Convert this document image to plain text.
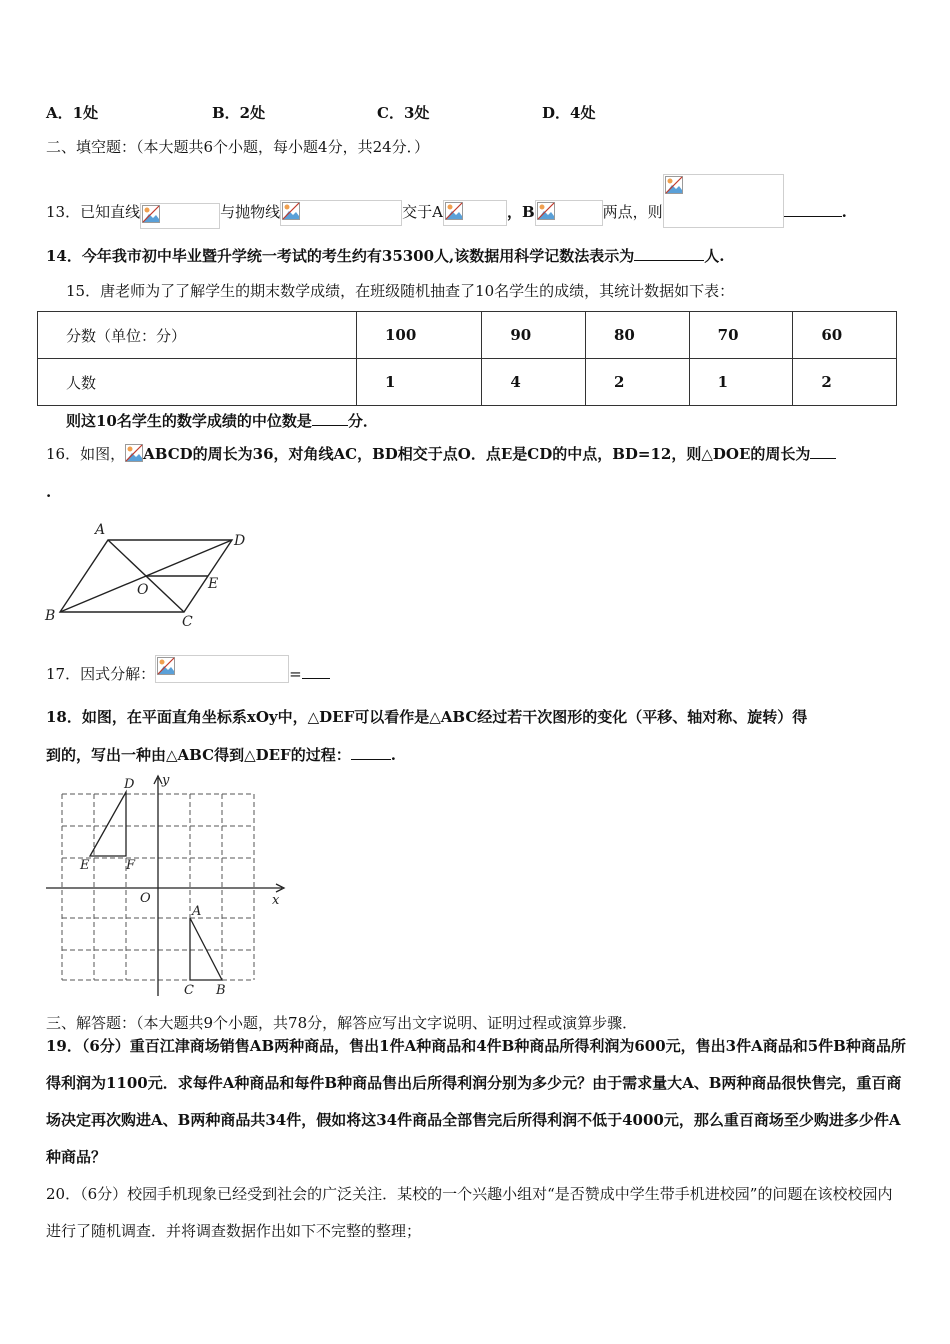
A．1处	B．2处	C．3处	D．4处
二、填空题：（本大题共6个小题，每小题4分，共24分．）
13．已知直线	与抛物线	交于A	，B	两点，则	.
14．今年我市初中毕业暨升学统一考试的考生约有35300人,该数据用科学记数法表示为	人.
15．唐老师为了了解学生的期末数学成绩，在班级随机抽查了10名学生的成绩，其统计数据如下表：
分数（单位：分）	100	90	80	70	60
人数	1	4	2	1	2
则这10名学生的数学成绩的中位数是 分．
16．如图， ABCD的周长为36，对角线AC，BD相交于点O．点E是CD的中点，BD=12，则△DOE的周长为
.
A
D
B	C
O	E
17．因式分解：	=
18．如图，在平面直角坐标系xOy中，△DEF可以看作是△ABC经过若干次图形的变化（平移、轴对称、旋转）得
到的，写出一种由△ABC得到△DEF的过程：	.
D
E	F
O
A
C B
x
y
三、解答题：（本大题共9个小题，共78分，解答应写出文字说明、证明过程或演算步骤．
19．（6分）重百江津商场销售AB两种商品，售出1件A种商品和4件B种商品所得利润为600元，售出3件A商品和5件B种商品所得利润为1100元．求每件A种商品和每件B种商品售出后所得利润分别为多少元？由于需求量大A、B两种商品很快售完，重百商场决定再次购进A、B两种商品共34件，假如将这34件商品全部售完后所得利润不低于4000元，那么重百商场至少购进多少件A种商品？
20．（6分）校园手机现象已经受到社会的广泛关注．某校的一个兴趣小组对“是否赞成中学生带手机进校园”的问题在该校校园内进行了随机调查．并将调查数据作出如下不完整的整理；
